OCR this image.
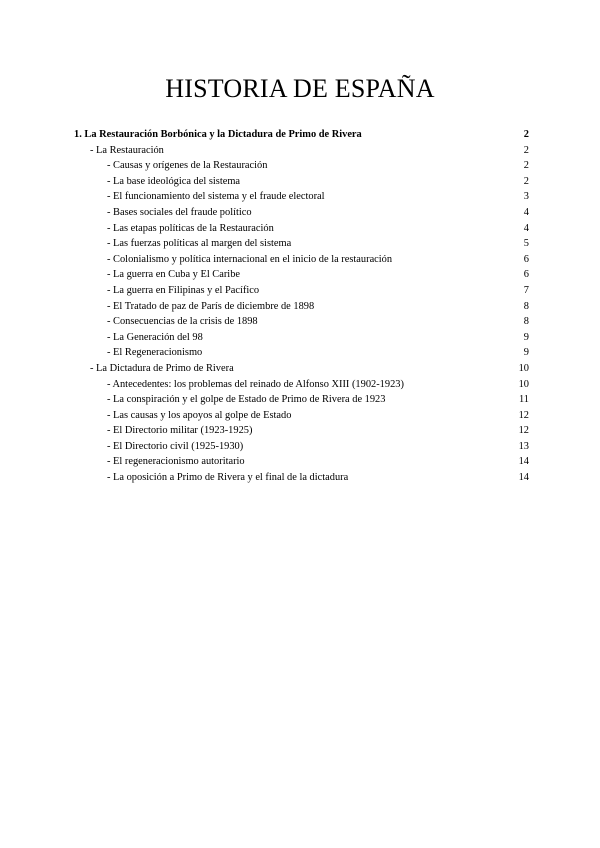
HISTORIA DE ESPAÑA
1. La Restauración Borbónica y la Dictadura de Primo de Rivera	2
- La Restauración	2
- Causas y orígenes de la Restauración	2
- La base ideológica del sistema	2
- El funcionamiento del sistema y el fraude electoral	3
- Bases sociales del fraude político	4
- Las etapas políticas de la Restauración	4
- Las fuerzas políticas al margen del sistema	5
- Colonialismo y política internacional en el inicio de la restauración	6
- La guerra en Cuba y El Caribe	6
- La guerra en Filipinas y el Pacífico	7
- El Tratado de paz de París de diciembre de 1898	8
- Consecuencias de la crisis de 1898	8
- La Generación del 98	9
- El Regeneracionismo	9
- La Dictadura de Primo de Rivera	10
- Antecedentes: los problemas del reinado de Alfonso XIII (1902-1923)	10
- La conspiración y el golpe de Estado de Primo de Rivera de 1923	11
- Las causas y los apoyos al golpe de Estado	12
- El Directorio militar (1923-1925)	12
- El Directorio civil (1925-1930)	13
- El regeneracionismo autoritario	14
- La oposición a Primo de Rivera y el final de la dictadura	14
